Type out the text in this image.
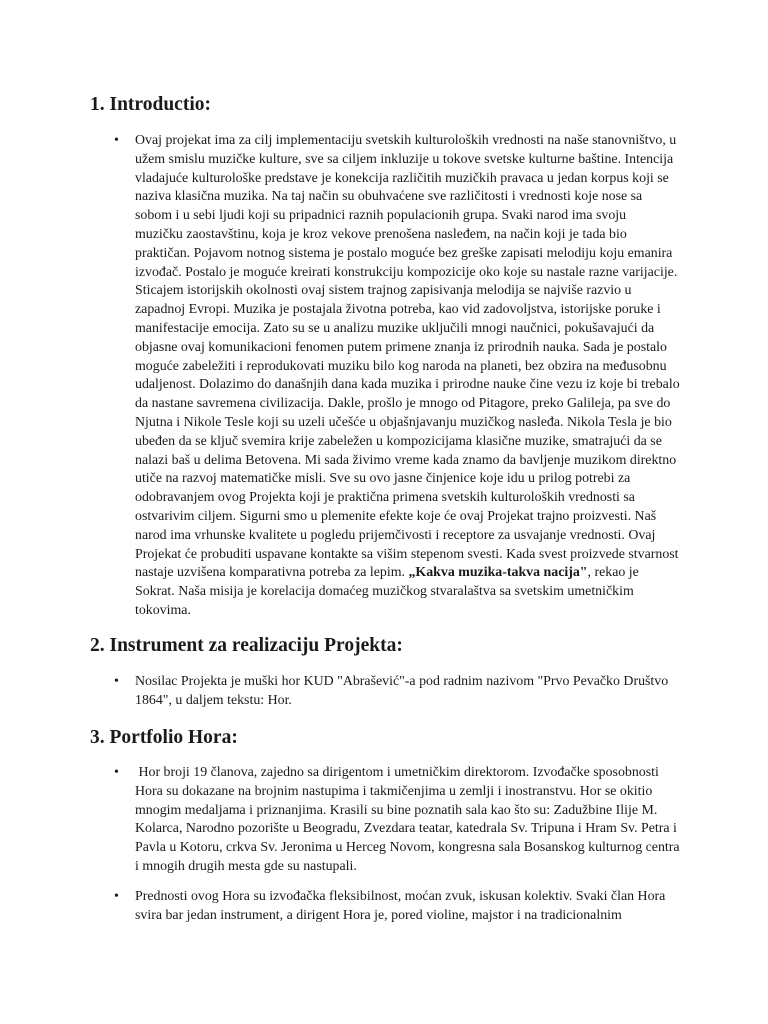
1. Introductio:
•	Ovaj projekat ima za cilj implementaciju svetskih kulturoloških vrednosti na naše stanovništvo, u
užem smislu muzičke kulture, sve sa ciljem inkluzije u tokove svetske kulturne baštine. Intencija
vladajuće kulturološke predstave je konekcija različitih muzičkih pravaca u jedan korpus koji se
naziva klasična muzika. Na taj način su obuhvaćene sve različitosti i vrednosti koje nose sa
sobom i u sebi ljudi koji su pripadnici raznih populacionih grupa. Svaki narod ima svoju
muzičku zaostavštinu, koja je kroz vekove prenošena nasleđem, na način koji je tada bio
praktičan. Pojavom notnog sistema je postalo moguće bez greške zapisati melodiju koju emanira
izvođač. Postalo je moguće kreirati konstrukciju kompozicije oko koje su nastale razne varijacije.
Sticajem istorijskih okolnosti ovaj sistem trajnog zapisivanja melodija se najviše razvio u
zapadnoj Evropi. Muzika je postajala životna potreba, kao vid zadovoljstva, istorijske poruke i
manifestacije emocija. Zato su se u analizu muzike uključili mnogi naučnici, pokušavajući da
objasne ovaj komunikacioni fenomen putem primene znanja iz prirodnih nauka. Sada je postalo
moguće zabeležiti i reprodukovati muziku bilo kog naroda na planeti, bez obzira na međusobnu
udaljenost. Dolazimo do današnjih dana kada muzika i prirodne nauke čine vezu iz koje bi trebalo
da nastane savremena civilizacija. Dakle, prošlo je mnogo od Pitagore, preko Galileja, pa sve do
Njutna i Nikole Tesle koji su uzeli učešće u objašnjavanju muzičkog nasleđa. Nikola Tesla je bio
ubeđen da se ključ svemira krije zabeležen u kompozicijama klasične muzike, smatrajući da se
nalazi baš u delima Betovena. Mi sada živimo vreme kada znamo da bavljenje muzikom direktno
utiče na razvoj matematičke misli. Sve su ovo jasne činjenice koje idu u prilog potrebi za
odobravanjem ovog Projekta koji je praktična primena svetskih kulturoloških vrednosti sa
ostvarivim ciljem. Sigurni smo u plemenite efekte koje će ovaj Projekat trajno proizvesti. Naš
narod ima vrhunske kvalitete u pogledu prijemčivosti i receptore za usvajanje vrednosti. Ovaj
Projekat će probuditi uspavane kontakte sa višim stepenom svesti. Kada svest proizvede stvarnost
nastaje uzvišena komparativna potreba za lepim. „Kakva muzika-takva nacija", rekao je
Sokrat. Naša misija je korelacija domaćeg muzičkog stvaralaštva sa svetskim umetničkim
tokovima.
2. Instrument za realizaciju Projekta:
•	Nosilac Projekta je muški hor KUD "Abrašević"-a pod radnim nazivom "Prvo Pevačko Društvo
1864", u daljem tekstu: Hor.
3. Portfolio Hora:
•	Hor broji 19 članova, zajedno sa dirigentom i umetničkim direktorom. Izvođačke sposobnosti
Hora su dokazane na brojnim nastupima i takmičenjima u zemlji i inostranstvu. Hor se okitio
mnogim medaljama i priznanjima. Krasili su bine poznatih sala kao što su: Zadužbine Ilije M.
Kolarca, Narodno pozorište u Beogradu, Zvezdara teatar, katedrala Sv. Tripuna i Hram Sv. Petra i
Pavla u Kotoru, crkva Sv. Jeronima u Herceg Novom, kongresna sala Bosanskog kulturnog centra
i mnogih drugih mesta gde su nastupali.
•	Prednosti ovog Hora su izvođačka fleksibilnost, moćan zvuk, iskusan kolektiv. Svaki član Hora
svira bar jedan instrument, a dirigent Hora je, pored violine, majstor i na tradicionalnim
